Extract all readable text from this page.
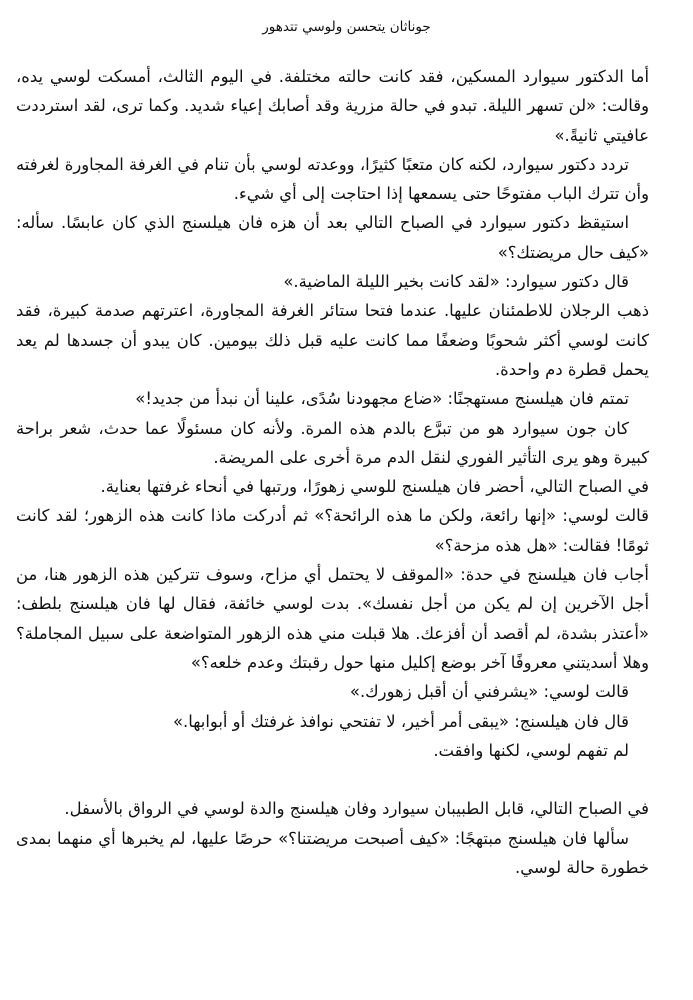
جوناثان يتحسن ولوسي تتدهور

أما الدكتور سيوارد المسكين، فقد كانت حالته مختلفة. في اليوم الثالث، أمسكت لوسي يده، وقالت: «لن تسهر الليلة. تبدو في حالة مزرية وقد أصابك إعياء شديد. وكما ترى، لقد استرددت عافيتي ثانيةً.»

تردد دكتور سيوارد، لكنه كان متعبًا كثيرًا، ووعدته لوسي بأن تنام في الغرفة المجاورة لغرفته وأن تترك الباب مفتوحًا حتى يسمعها إذا احتاجت إلى أي شيء.

استيقظ دكتور سيوارد في الصباح التالي بعد أن هزه فان هيلسنج الذي كان عابسًا. سأله: «كيف حال مريضتك؟»

قال دكتور سيوارد: «لقد كانت بخير الليلة الماضية.»

ذهب الرجلان للاطمئنان عليها. عندما فتحا ستائر الغرفة المجاورة، اعترتهم صدمة كبيرة، فقد كانت لوسي أكثر شحوبًا وضعفًا مما كانت عليه قبل ذلك بيومين. كان يبدو أن جسدها لم يعد يحمل قطرة دم واحدة.

تمتم فان هيلسنج مستهجنًا: «ضاع مجهودنا سُدًى، علينا أن نبدأ من جديد!»

كان جون سيوارد هو من تبرَّع بالدم هذه المرة. ولأنه كان مسئولًا عما حدث، شعر براحة كبيرة وهو يرى التأثير الفوري لنقل الدم مرة أخرى على المريضة.

في الصباح التالي، أحضر فان هيلسنج للوسي زهورًا، ورتبها في أنحاء غرفتها بعناية.

قالت لوسي: «إنها رائعة، ولكن ما هذه الرائحة؟» ثم أدركت ماذا كانت هذه الزهور؛ لقد كانت ثومًا! فقالت: «هل هذه مزحة؟»

أجاب فان هيلسنج في حدة: «الموقف لا يحتمل أي مزاح، وسوف تتركين هذه الزهور هنا، من أجل الآخرين إن لم يكن من أجل نفسك». بدت لوسي خائفة، فقال لها فان هيلسنج بلطف: «أعتذر بشدة، لم أقصد أن أفزعك. هلا قبلت مني هذه الزهور المتواضعة على سبيل المجاملة؟ وهلا أسديتني معروفًا آخر بوضع إكليل منها حول رقبتك وعدم خلعه؟»

قالت لوسي: «يشرفني أن أقبل زهورك.»

قال فان هيلسنج: «يبقى أمر أخير، لا تفتحي نوافذ غرفتك أو أبوابها.»

لم تفهم لوسي، لكنها وافقت.

في الصباح التالي، قابل الطبيبان سيوارد وفان هيلسنج والدة لوسي في الرواق بالأسفل.

سألها فان هيلسنج مبتهجًا: «كيف أصبحت مريضتنا؟» حرصًا عليها، لم يخبرها أي منهما بمدى خطورة حالة لوسي.
